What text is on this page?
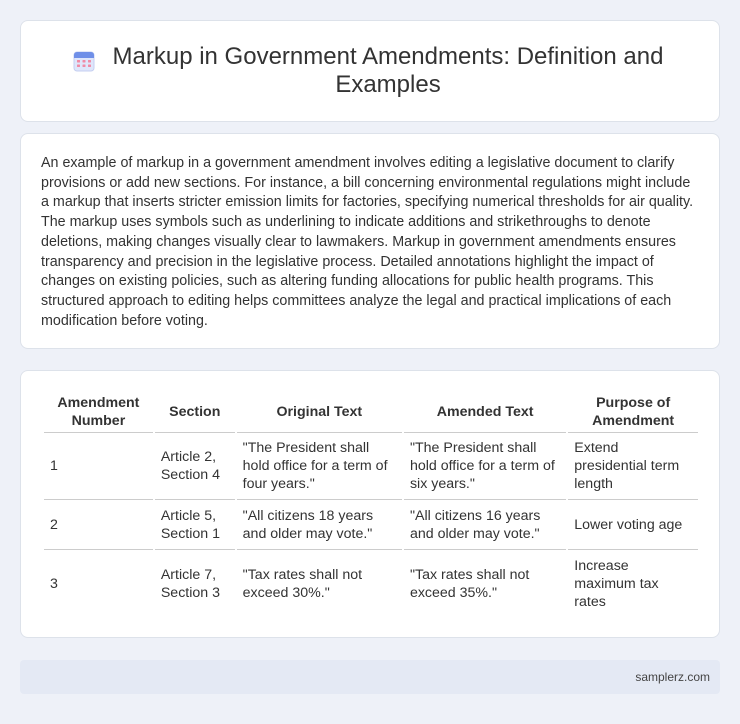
Markup in Government Amendments: Definition and Examples

An example of markup in a government amendment involves editing a legislative document to clarify provisions or add new sections. For instance, a bill concerning environmental regulations might include a markup that inserts stricter emission limits for factories, specifying numerical thresholds for air quality. The markup uses symbols such as underlining to indicate additions and strikethroughs to denote deletions, making changes visually clear to lawmakers. Markup in government amendments ensures transparency and precision in the legislative process. Detailed annotations highlight the impact of changes on existing policies, such as altering funding allocations for public health programs. This structured approach to editing helps committees analyze the legal and practical implications of each modification before voting.

Amendment Number	Section	Original Text	Amended Text	Purpose of Amendment
1	Article 2, Section 4	"The President shall hold office for a term of four years."	"The President shall hold office for a term of six years."	Extend presidential term length
2	Article 5, Section 1	"All citizens 18 years and older may vote."	"All citizens 16 years and older may vote."	Lower voting age
3	Article 7, Section 3	"Tax rates shall not exceed 30%."	"Tax rates shall not exceed 35%."	Increase maximum tax rates
samplerz.com
